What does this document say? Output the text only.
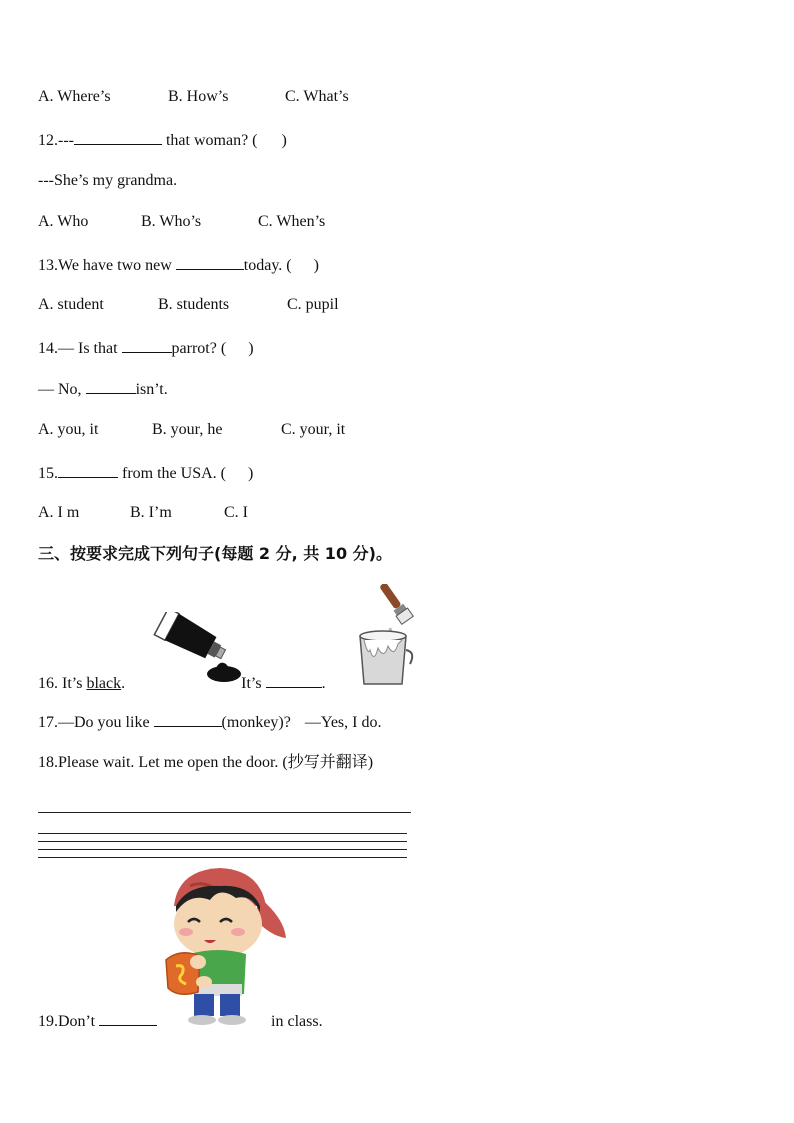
A. Where’s	B. How’s	C. What’s
12.---	that woman? ( )
---She’s my grandma.
A. Who	B. Who’s	C. When’s
13.We have two new	today. ( )
A. student	B. students	C. pupil
14.— Is that	parrot? ( )
— No,	isn’t.
A. you, it	B. your, he	C. your, it
15.	from the USA. ( )
A. I m	B. I’m	C. I
三、按要求完成下列句子(每题 2 分, 共 10 分)。
16. It’s black.	It’s	.
17.—Do you like	(monkey)? —Yes, I do.
18.Please wait. Let me open the door. (抄写并翻译)
19.Don’t	in class.
